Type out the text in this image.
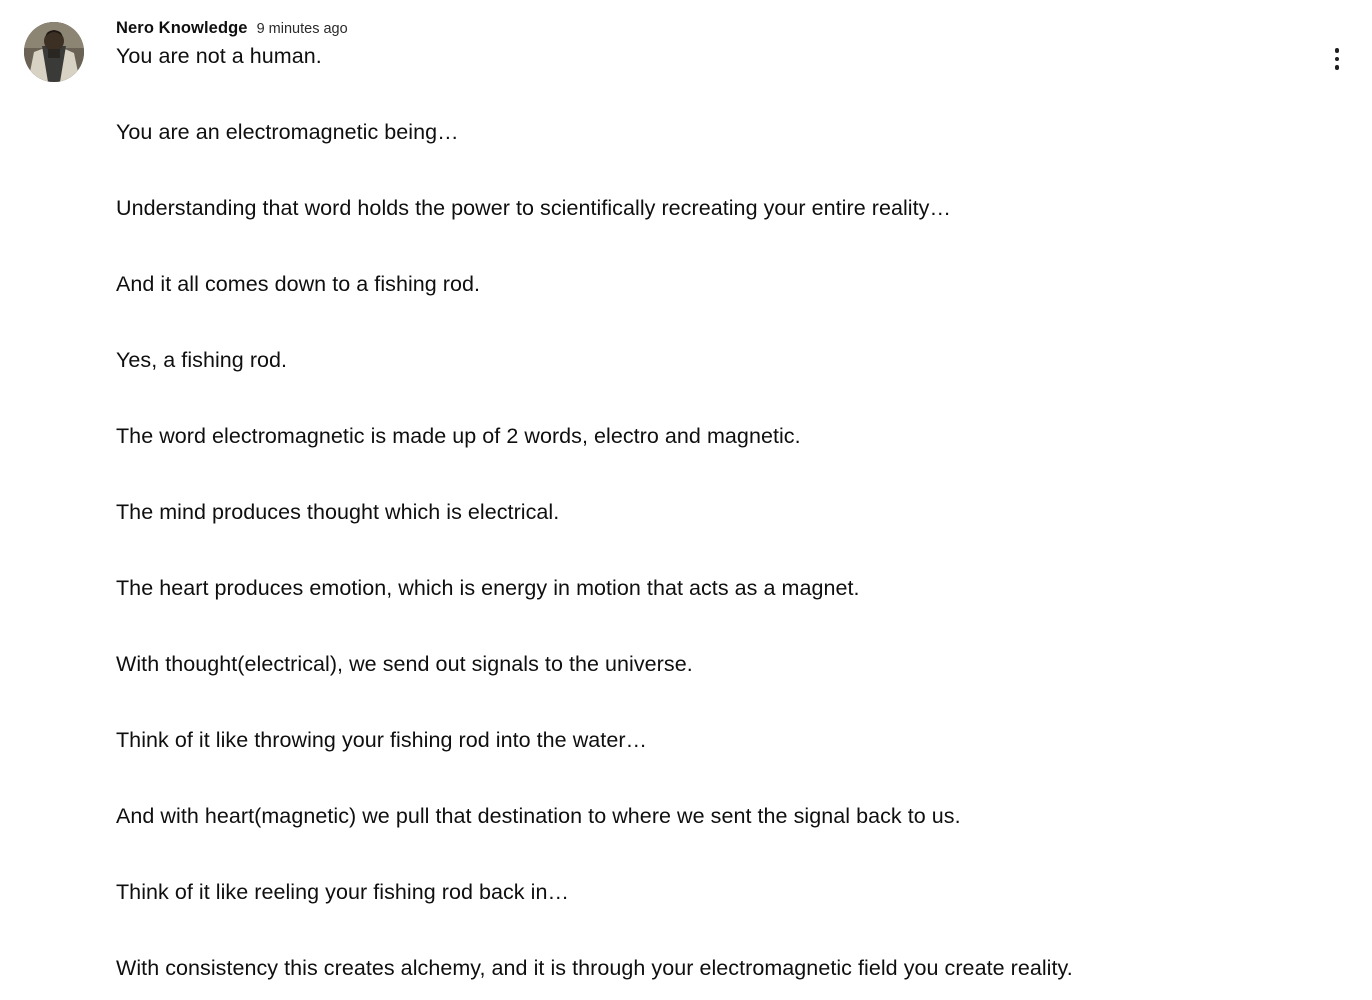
Nero Knowledge 9 minutes ago

You are not a human.

You are an electromagnetic being…

Understanding that word holds the power to scientifically recreating your entire reality…

And it all comes down to a fishing rod.

Yes, a fishing rod.

The word electromagnetic is made up of 2 words, electro and magnetic.

The mind produces thought which is electrical.

The heart produces emotion, which is energy in motion that acts as a magnet.

With thought(electrical), we send out signals to the universe.

Think of it like throwing your fishing rod into the water…

And with heart(magnetic) we pull that destination to where we sent the signal back to us.

Think of it like reeling your fishing rod back in…

With consistency this creates alchemy, and it is through your electromagnetic field you create reality.
